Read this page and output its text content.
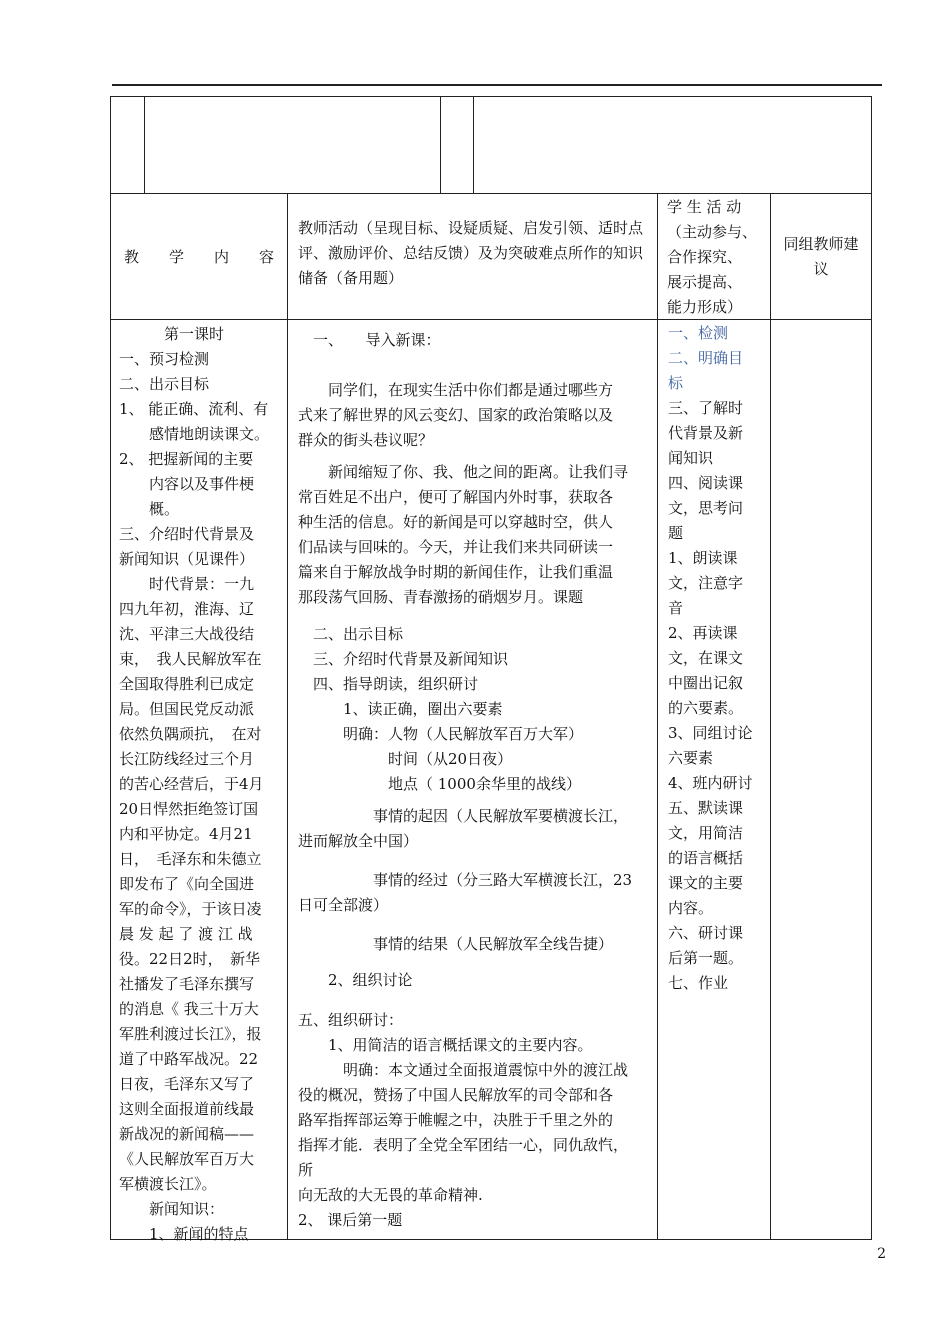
教　　学　　内　　容
教师活动（呈现目标、设疑质疑、启发引领、适时点评、激励评价、总结反馈）及为突破难点所作的知识储备（备用题）
学 生 活 动
（主动参与、
合作探究、
展示提高、
能力形成）
同组教师建
议
　　　第一课时
一、预习检测
二、出示目标
1、 能正确、流利、有
　　感情地朗读课文。
2、 把握新闻的主要
　　内容以及事件梗
　　概。
三、介绍时代背景及
新闻知识（见课件）
　　时代背景：一九
四九年初，淮海、辽
沈、平津三大战役结
束，　我人民解放军在
全国取得胜利已成定
局。但国民党反动派
依然负隅顽抗，　在对
长江防线经过三个月
的苦心经营后，于4月
20日悍然拒绝签订国
内和平协定。4月21
日，　毛泽东和朱德立
即发布了《向全国进
军的命令》，于该日凌
晨 发 起 了 渡 江 战
役。22日2时，　新华
社播发了毛泽东撰写
的消息《 我三十万大
军胜利渡过长江》，报
道了中路军战况。22
日夜，毛泽东又写了
这则全面报道前线最
新战况的新闻稿——
《人民解放军百万大
军横渡长江》。
　　新闻知识：
　　1、新闻的特点
　一、　　导入新课：
　　同学们，在现实生活中你们都是通过哪些方
式来了解世界的风云变幻、国家的政治策略以及
群众的街头巷议呢？
　　新闻缩短了你、我、他之间的距离。让我们寻
常百姓足不出户，便可了解国内外时事，获取各
种生活的信息。好的新闻是可以穿越时空，供人
们品读与回味的。今天，并让我们来共同研读一
篇来自于解放战争时期的新闻佳作，让我们重温
那段荡气回肠、青春激扬的硝烟岁月。课题
　二、出示目标
　三、介绍时代背景及新闻知识
　四、指导朗读，组织研讨
　　　1、读正确，圈出六要素
　　　明确：人物（人民解放军百万大军）
　　　　　　时间（从20日夜）
　　　　　　地点（ 1000余华里的战线）
　　　　　事情的起因（人民解放军要横渡长江，
进而解放全中国）
　　　　　事情的经过（分三路大军横渡长江，23
日可全部渡）
　　　　　事情的结果（人民解放军全线告捷）
　　2、组织讨论
五、组织研讨：
　　1、用简洁的语言概括课文的主要内容。
　　　明确：本文通过全面报道震惊中外的渡江战
役的概况，赞扬了中国人民解放军的司令部和各
路军指挥部运筹于帷幄之中，决胜于千里之外的
指挥才能．表明了全党全军团结一心，同仇敌忾，
所
向无敌的大无畏的革命精神.
2、 课后第一题
一、检测
二、明确目
标
三、了解时
代背景及新
闻知识
四、阅读课
文，思考问
题
1、朗读课
文，注意字
音
2、再读课
文，在课文
中圈出记叙
的六要素。
3、同组讨论
六要素
4、班内研讨
五、默读课
文，用简洁
的语言概括
课文的主要
内容。
六、研讨课
后第一题。
七、作业
2
